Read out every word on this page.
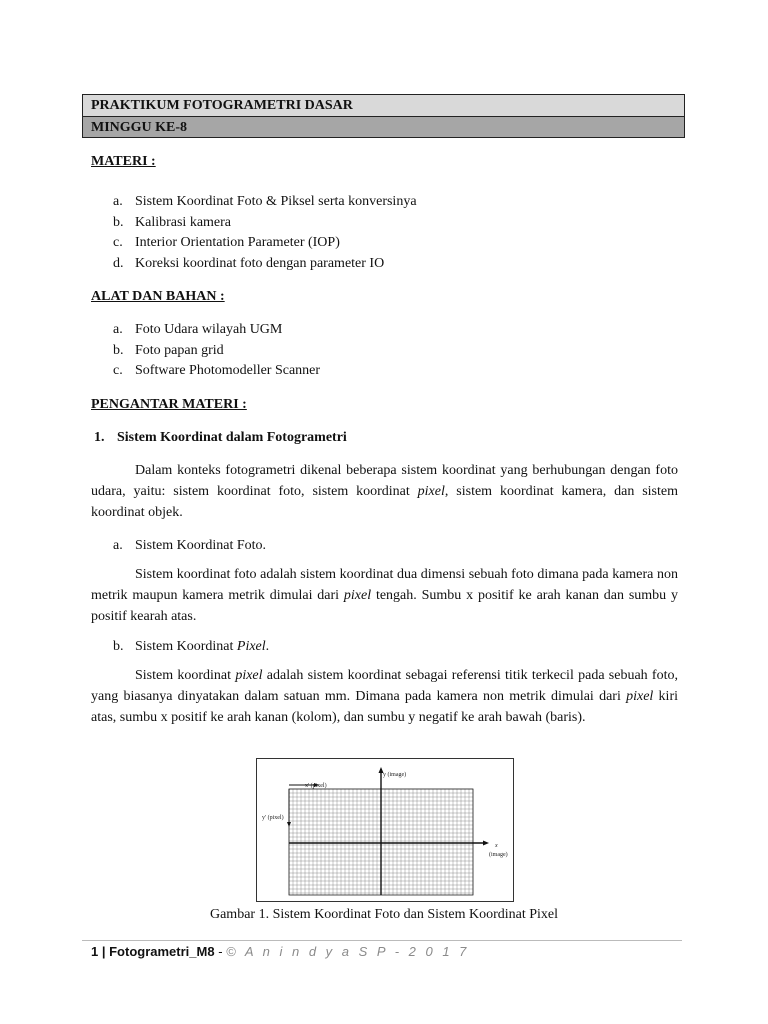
PRAKTIKUM FOTOGRAMETRI DASAR
MINGGU KE-8
MATERI :
a. Sistem Koordinat Foto & Piksel serta konversinya
b. Kalibrasi kamera
c. Interior Orientation Parameter (IOP)
d. Koreksi koordinat foto dengan parameter IO
ALAT DAN BAHAN :
a. Foto Udara wilayah UGM
b. Foto papan grid
c. Software Photomodeller Scanner
PENGANTAR MATERI :
1. Sistem Koordinat dalam Fotogrametri

Dalam konteks fotogrametri dikenal beberapa sistem koordinat yang berhubungan dengan foto udara, yaitu: sistem koordinat foto, sistem koordinat pixel, sistem koordinat kamera, dan sistem koordinat objek.

a. Sistem Koordinat Foto.

Sistem koordinat foto adalah sistem koordinat dua dimensi sebuah foto dimana pada kamera non metrik maupun kamera metrik dimulai dari pixel tengah. Sumbu x positif ke arah kanan dan sumbu y positif kearah atas.

b. Sistem Koordinat Pixel.

Sistem koordinat pixel adalah sistem koordinat sebagai referensi titik terkecil pada sebuah foto, yang biasanya dinyatakan dalam satuan mm. Dimana pada kamera non metrik dimulai dari pixel kiri atas, sumbu x positif ke arah kanan (kolom), dan sumbu y negatif ke arah bawah (baris).

y (image)
x' (pixel)
y' (pixel)
x
(image)
Gambar 1. Sistem Koordinat Foto dan Sistem Koordinat Pixel
1 | Fotogrametri_M8 - © A n i n d y a S P - 2 0 1 7
